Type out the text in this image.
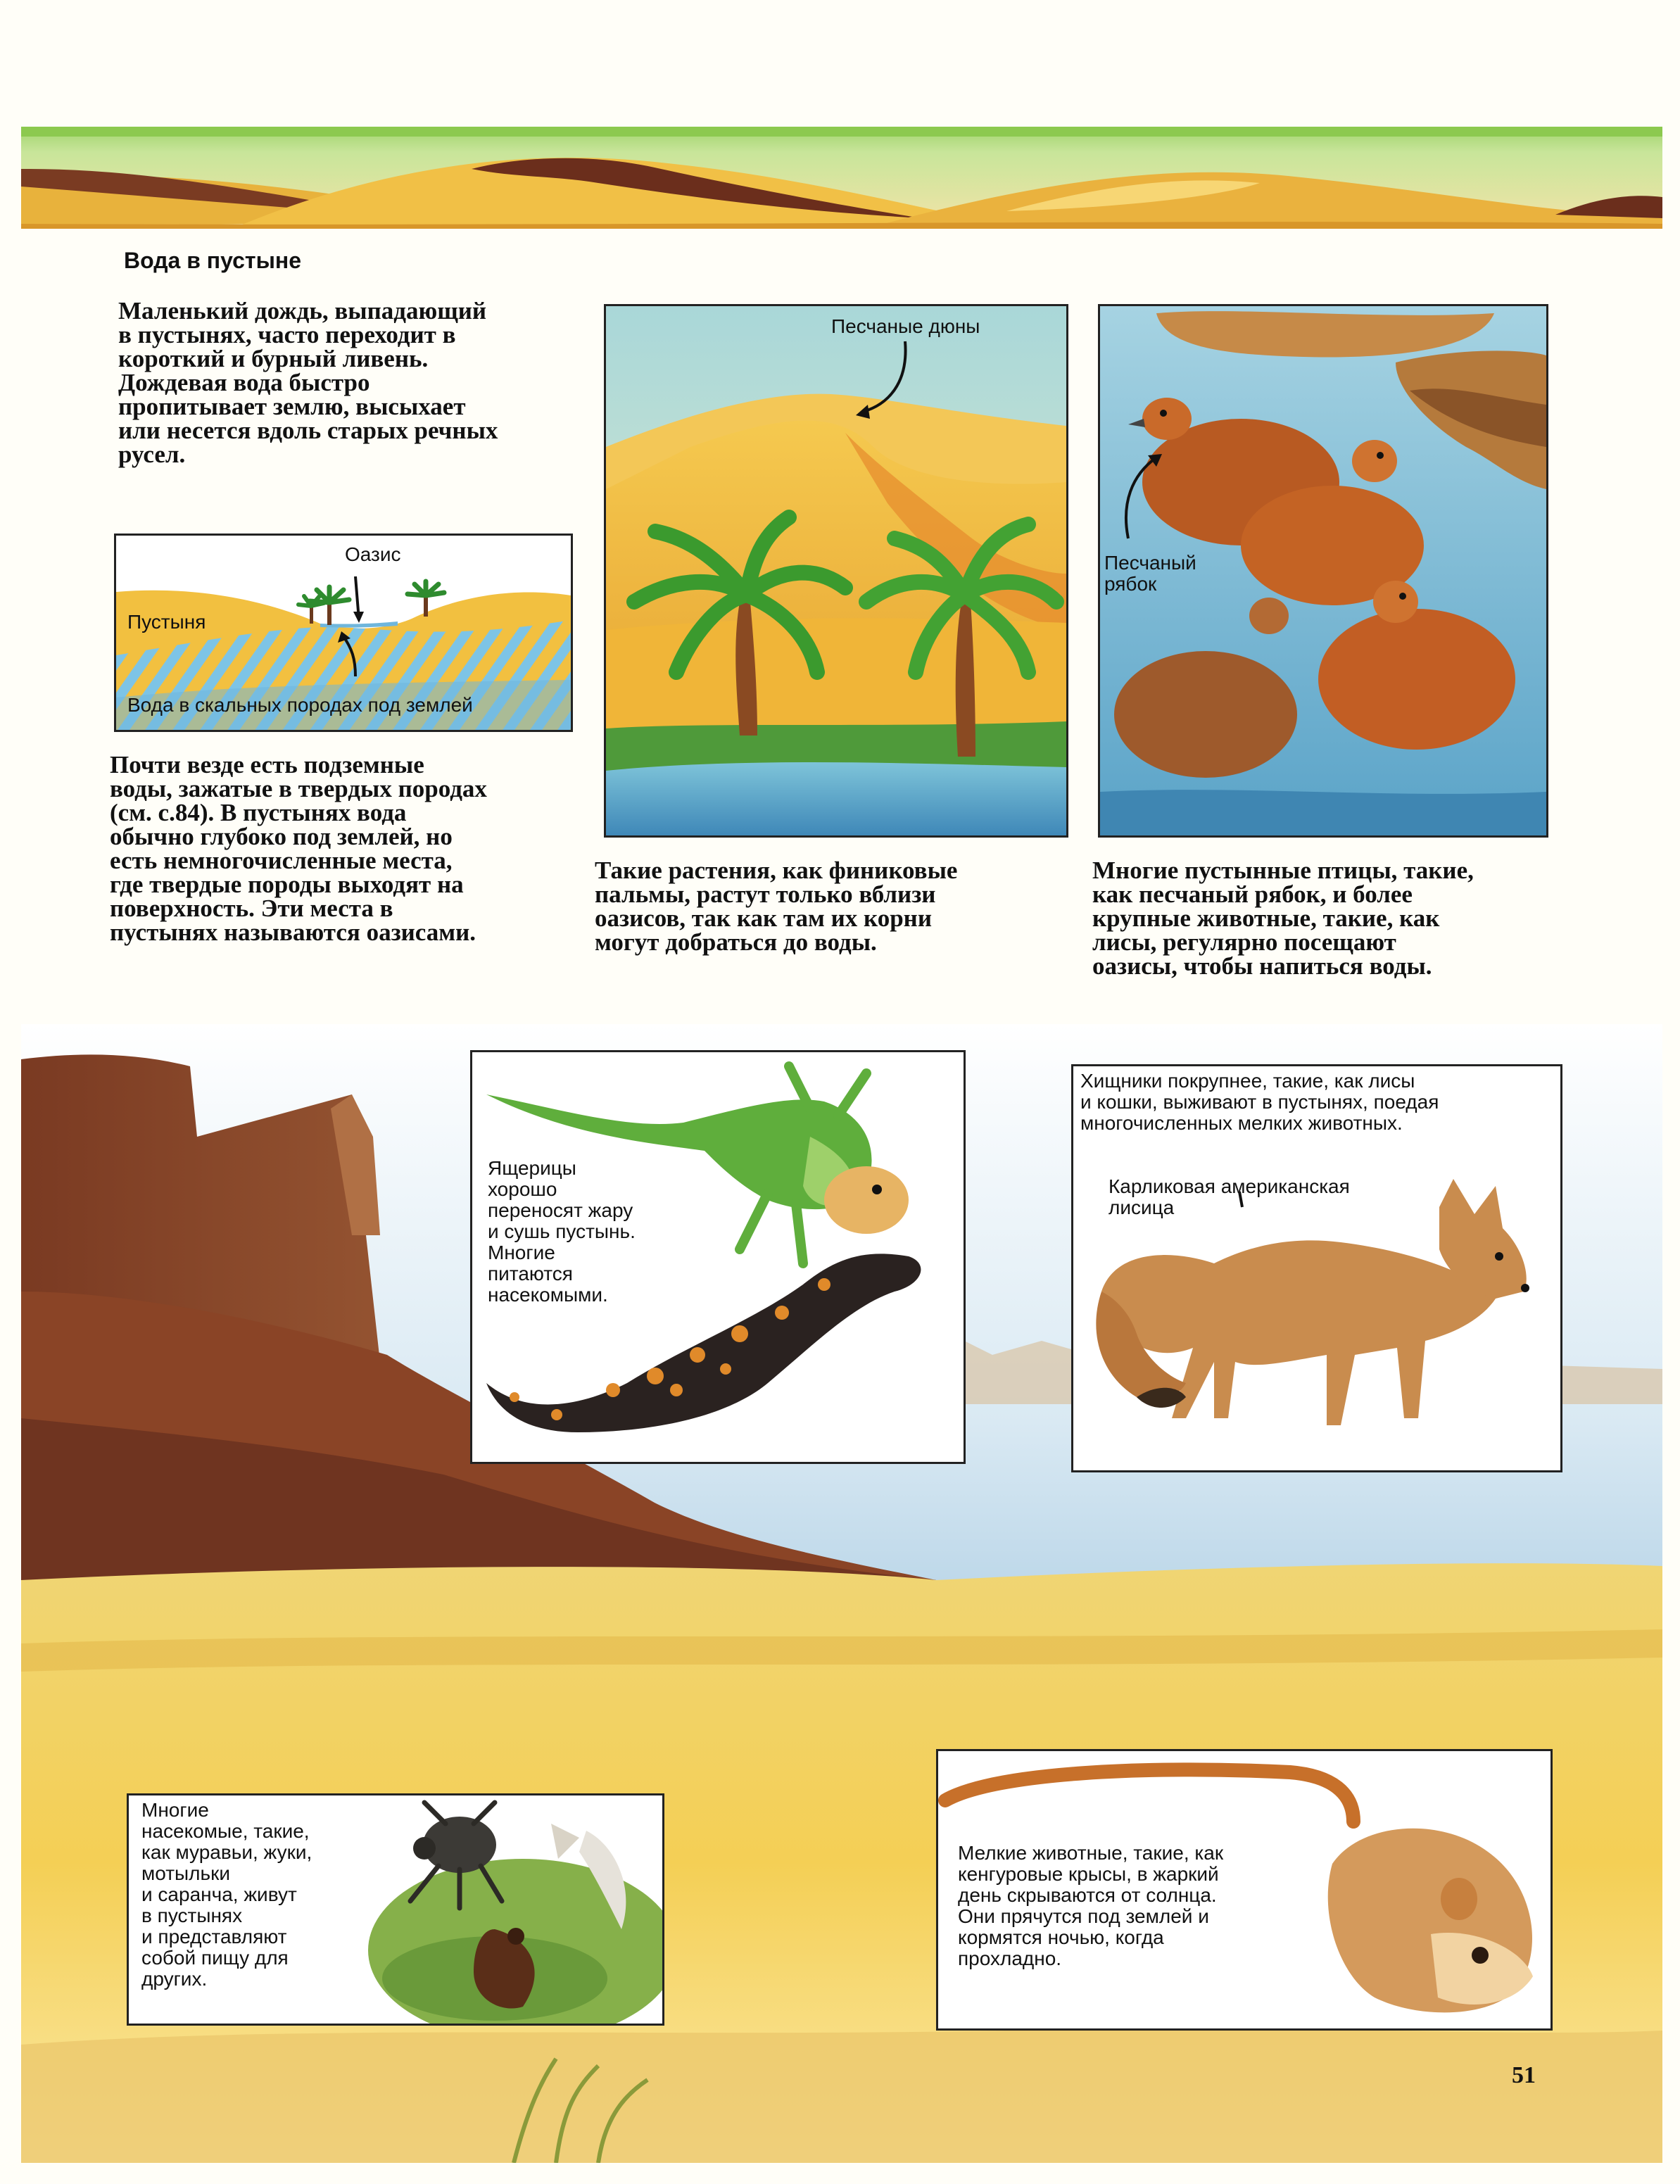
Вода в пустыне
Маленький дождь, выпадающий
в пустынях, часто переходит в
короткий и бурный ливень.
Дождевая вода быстро
пропитывает землю, высыхает
или несется вдоль старых речных
русел.
Оазис
Пустыня
Вода в скальных породах под землей
Почти везде есть подземные
воды, зажатые в твердых породах
(см. с.84). В пустынях вода
обычно глубоко под землей, но
есть немногочисленные места,
где твердые породы выходят на
поверхность. Эти места в
пустынях называются оазисами.
Песчаные дюны
Такие растения, как финиковые
пальмы, растут только вблизи
оазисов, так как там их корни
могут добраться до воды.
Песчаный
рябок
Многие пустынные птицы, такие,
как песчаный рябок, и более
крупные животные, такие, как
лисы, регулярно посещают
оазисы, чтобы напиться воды.
Ящерицы
хорошо
переносят жару
и сушь пустынь.
Многие
питаются
насекомыми.
Хищники покрупнее, такие, как лисы
и кошки, выживают в пустынях, поедая
многочисленных мелких животных.
Карликовая американская
лисица
Многие
насекомые, такие,
как муравьи, жуки,
мотыльки
и саранча, живут
в пустынях
и представляют
собой пищу для
других.
Мелкие животные, такие, как
кенгуровые крысы, в жаркий
день скрываются от солнца.
Они прячутся под землей и
кормятся ночью, когда
прохладно.
51
